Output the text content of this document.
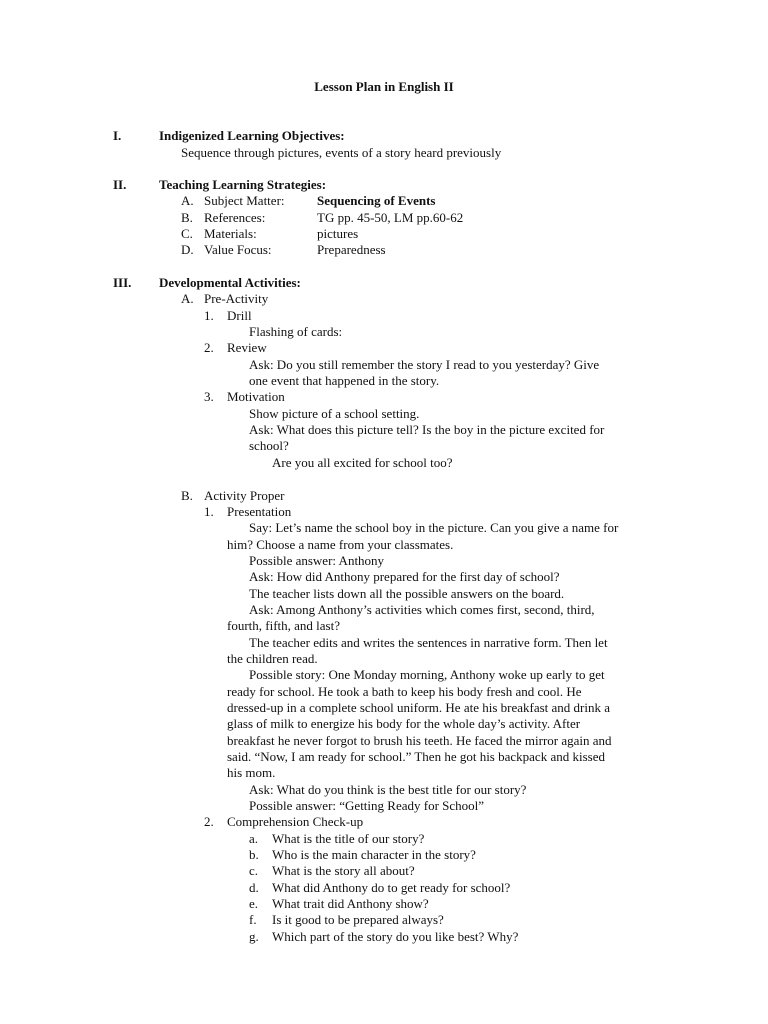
Lesson Plan in English II
I.	Indigenized Learning Objectives:
Sequence through pictures, events of a story heard previously
II.	Teaching Learning Strategies:
A. Subject Matter: Sequencing of Events
B. References:	TG pp. 45-50, LM pp.60-62
C. Materials:	pictures
D. Value Focus:	Preparedness
III. Developmental Activities:
A. Pre-Activity
1. Drill
Flashing of cards:
2. Review
Ask: Do you still remember the story I read to you yesterday? Give
one event that happened in the story.
3. Motivation
Show picture of a school setting.
Ask: What does this picture tell? Is the boy in the picture excited for
school?
Are you all excited for school too?
B. Activity Proper
1. Presentation
Say: Let’s name the school boy in the picture. Can you give a name for
him? Choose a name from your classmates.
Possible answer: Anthony
Ask: How did Anthony prepared for the first day of school?
The teacher lists down all the possible answers on the board.
Ask: Among Anthony’s activities which comes first, second, third,
fourth, fifth, and last?
The teacher edits and writes the sentences in narrative form. Then let
the children read.
Possible story: One Monday morning, Anthony woke up early to get
ready for school. He took a bath to keep his body fresh and cool. He
dressed-up in a complete school uniform. He ate his breakfast and drink a
glass of milk to energize his body for the whole day’s activity. After
breakfast he never forgot to brush his teeth. He faced the mirror again and
said. “Now, I am ready for school.” Then he got his backpack and kissed
his mom.
Ask: What do you think is the best title for our story?
Possible answer: “Getting Ready for School”
2. Comprehension Check-up
a. What is the title of our story?
b. Who is the main character in the story?
c. What is the story all about?
d. What did Anthony do to get ready for school?
e. What trait did Anthony show?
f. Is it good to be prepared always?
g. Which part of the story do you like best? Why?
